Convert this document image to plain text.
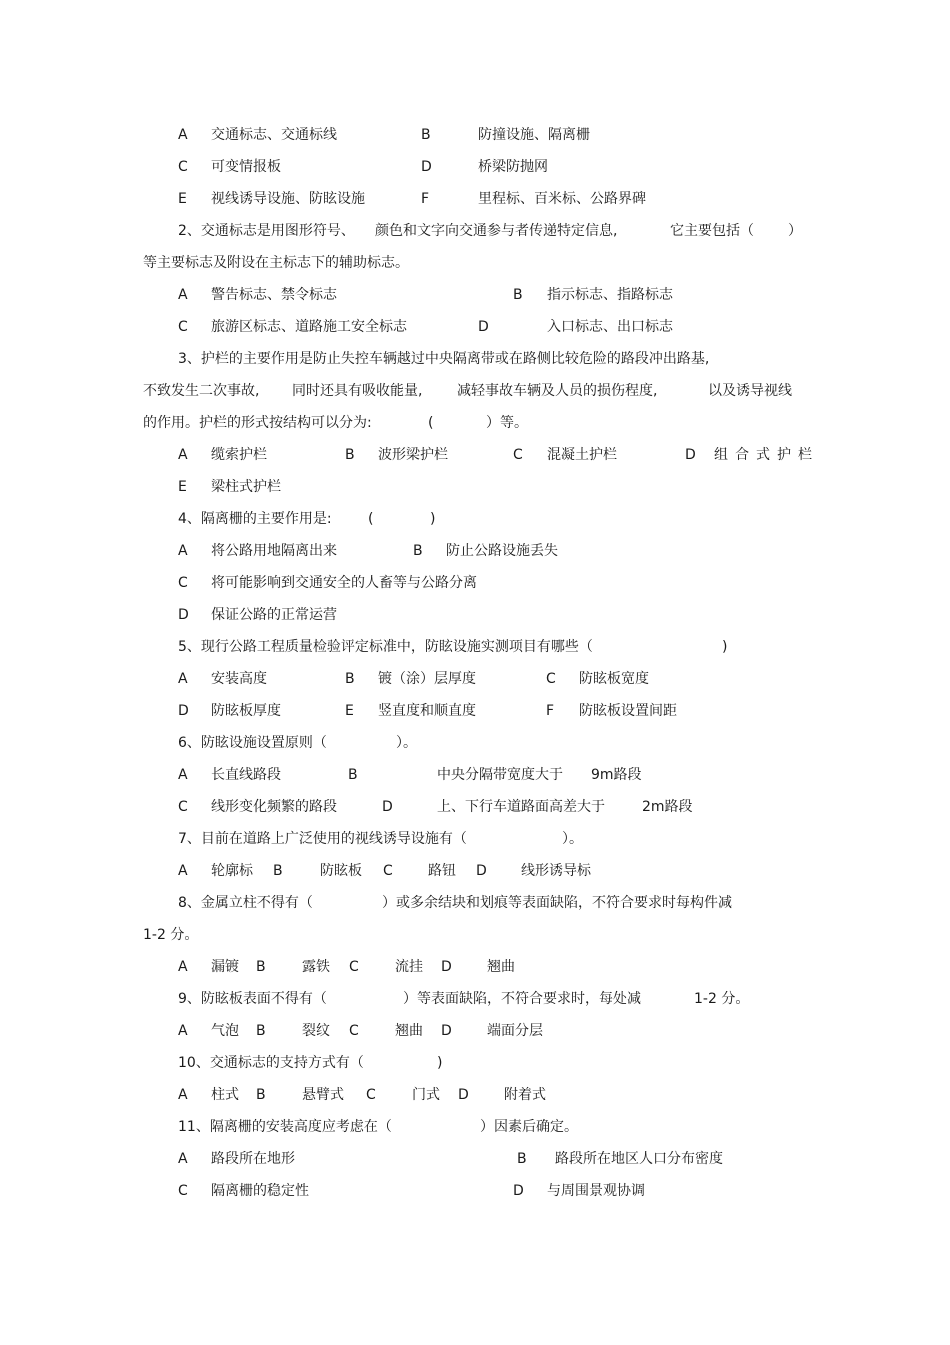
A 交通标志、交通标线	B	防撞设施、隔离栅
C 可变情报板	D	桥梁防抛网
E 视线诱导设施、防眩设施	F	里程标、百米标、公路界碑
2、交通标志是用图形符号、 颜色和文字向交通参与者传递特定信息,	它主要包括（ ）
等主要标志及附设在主标志下的辅助标志。
A 警告标志、禁令标志	B 指示标志、指路标志
C 旅游区标志、道路施工安全标志	D	入口标志、出口标志
3、护栏的主要作用是防止失控车辆越过中央隔离带或在路侧比较危险的路段冲出路基,
不致发生二次事故, 同时还具有吸收能量, 减轻事故车辆及人员的损伤程度,	以及诱导视线
的作用。护栏的形式按结构可以分为:	(	）等。
A 缆索护栏	B 波形梁护栏	C 混凝土护栏	D 组合式护栏
E 梁柱式护栏
4、隔离栅的主要作用是:	(	)
A 将公路用地隔离出来	B 防止公路设施丢失
C 将可能影响到交通安全的人畜等与公路分离
D 保证公路的正常运营
5、现行公路工程质量检验评定标准中，防眩设施实测项目有哪些（	)
A 安装高度	B 镀（涂）层厚度	C 防眩板宽度
D 防眩板厚度	E 竖直度和顺直度	F 防眩板设置间距
6、防眩设施设置原则（	）。
A 长直线路段	B	中央分隔带宽度大于 9m路段
C 线形变化频繁的路段	D	上、下行车道路面高差大于	2m路段
7、目前在道路上广泛使用的视线诱导设施有（	）。
A 轮廓标 B	防眩板 C	路钮 D 线形诱导标
8、金属立柱不得有（	）或多余结块和划痕等表面缺陷，不符合要求时每构件减
1-2 分。
A 漏镀 B	露铁 C	流挂 D	翘曲
9、防眩板表面不得有（	）等表面缺陷，不符合要求时，每处减	1-2 分。
A 气泡 B	裂纹 C	翘曲 D	端面分层
10、交通标志的支持方式有（	)
A 柱式 B	悬臂式 C	门式 D	附着式
11、隔离栅的安装高度应考虑在（	）因素后确定。
A 路段所在地形	B 路段所在地区人口分布密度
C 隔离栅的稳定性	D 与周围景观协调
